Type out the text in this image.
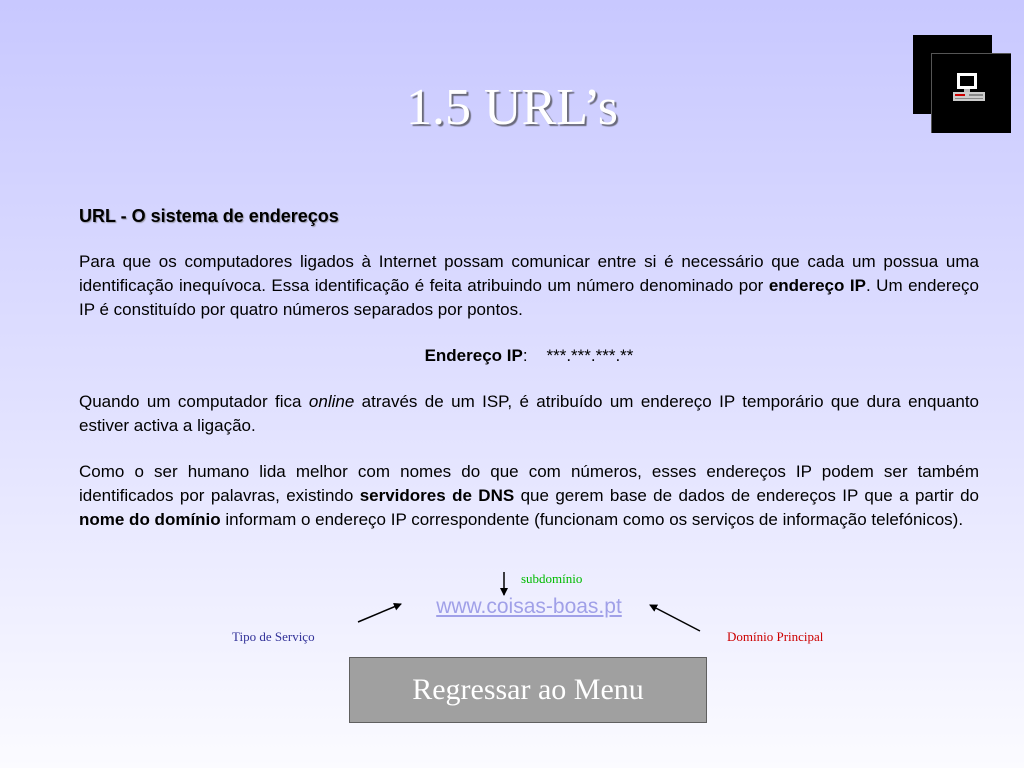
1.5 URL’s

URL - O sistema de endereços

Para que os computadores ligados à Internet possam comunicar entre si é necessário que cada um possua uma identificação inequívoca. Essa identificação é feita atribuindo um número denominado por endereço IP. Um endereço IP é constituído por quatro números separados por pontos.

Endereço IP: ***.***.***.**

Quando um computador fica online através de um ISP, é atribuído um endereço IP temporário que dura enquanto estiver activa a ligação.

Como o ser humano lida melhor com nomes do que com números, esses endereços IP podem ser também identificados por palavras, existindo servidores de DNS que gerem base de dados de endereços IP que a partir do nome do domínio informam o endereço IP correspondente (funcionam como os serviços de informação telefónicos).

subdomínio
www.coisas-boas.pt
Tipo de Serviço	Domínio Principal
Regressar ao Menu
